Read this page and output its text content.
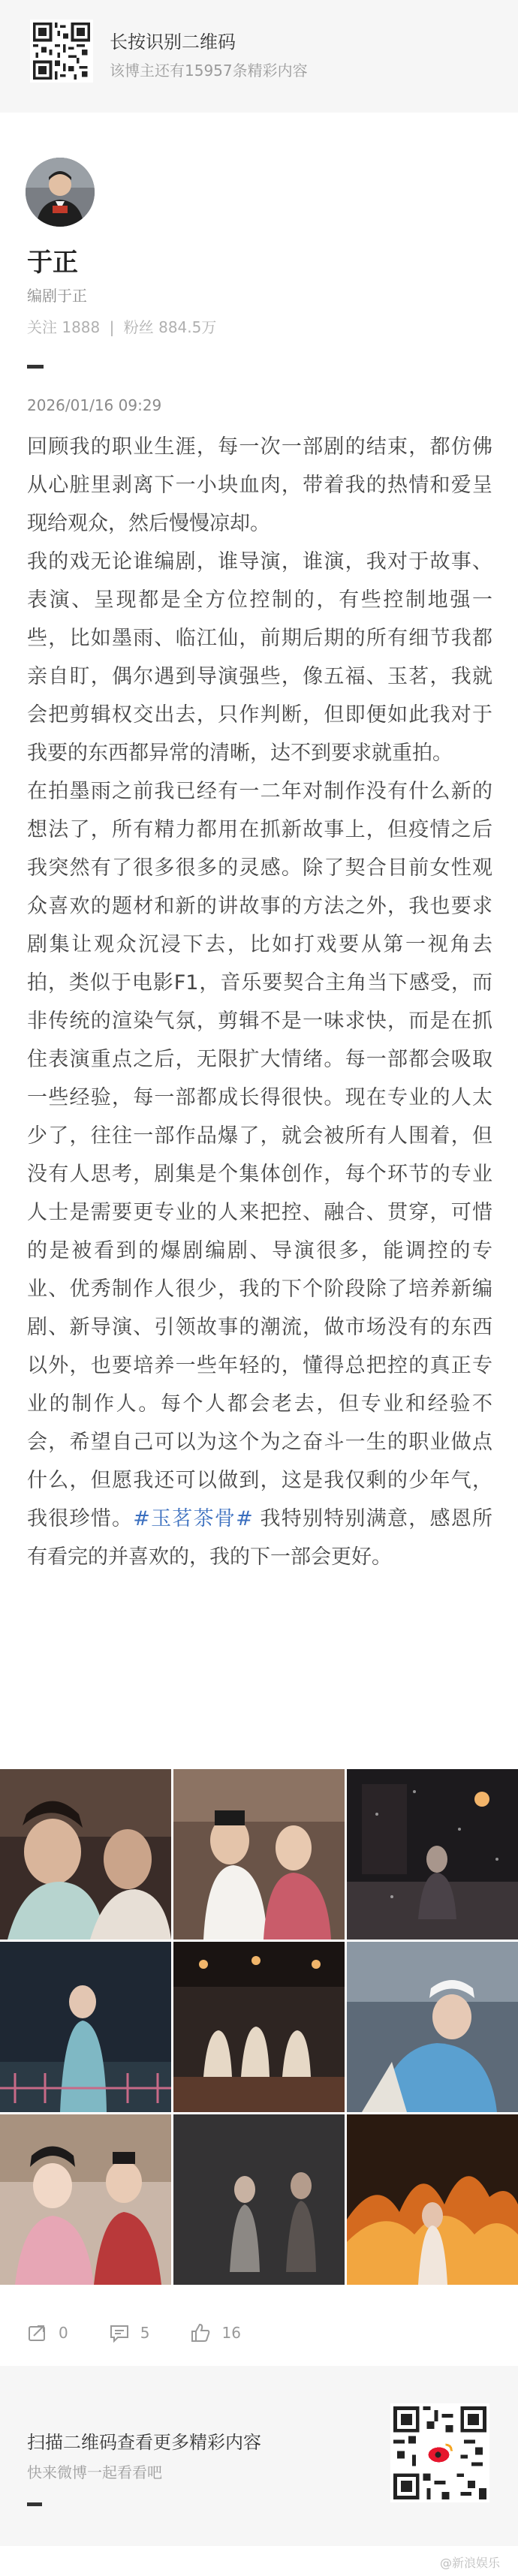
长按识别二维码
该博主还有15957条精彩内容
于正
编剧于正
关注 1888 | 粉丝 884.5万
2026/01/16 09:29

回顾我的职业生涯，每一次一部剧的结束，都仿佛从心脏里剥离下一小块血肉，带着我的热情和爱呈现给观众，然后慢慢凉却。

我的戏无论谁编剧，谁导演，谁演，我对于故事、表演、呈现都是全方位控制的，有些控制地强一些，比如墨雨、临江仙，前期后期的所有细节我都亲自盯，偶尔遇到导演强些，像五福、玉茗，我就会把剪辑权交出去，只作判断，但即便如此我对于我要的东西都异常的清晰，达不到要求就重拍。

在拍墨雨之前我已经有一二年对制作没有什么新的想法了，所有精力都用在抓新故事上，但疫情之后我突然有了很多很多的灵感。除了契合目前女性观众喜欢的题材和新的讲故事的方法之外，我也要求剧集让观众沉浸下去，比如打戏要从第一视角去拍，类似于电影F1，音乐要契合主角当下感受，而非传统的渲染气氛，剪辑不是一味求快，而是在抓住表演重点之后，无限扩大情绪。每一部都会吸取一些经验，每一部都成长得很快。现在专业的人太少了，往往一部作品爆了，就会被所有人围着，但没有人思考，剧集是个集体创作，每个环节的专业人士是需要更专业的人来把控、融合、贯穿，可惜的是被看到的爆剧编剧、导演很多，能调控的专业、优秀制作人很少，我的下个阶段除了培养新编剧、新导演、引领故事的潮流，做市场没有的东西以外，也要培养一些年轻的，懂得总把控的真正专业的制作人。每个人都会老去，但专业和经验不会，希望自己可以为这个为之奋斗一生的职业做点什么，但愿我还可以做到，这是我仅剩的少年气，我很珍惜。#玉茗茶骨# 我特别特别满意，感恩所有看完的并喜欢的，我的下一部会更好。

0	5	16
扫描二维码查看更多精彩内容
快来微博一起看看吧
@新浪娱乐
